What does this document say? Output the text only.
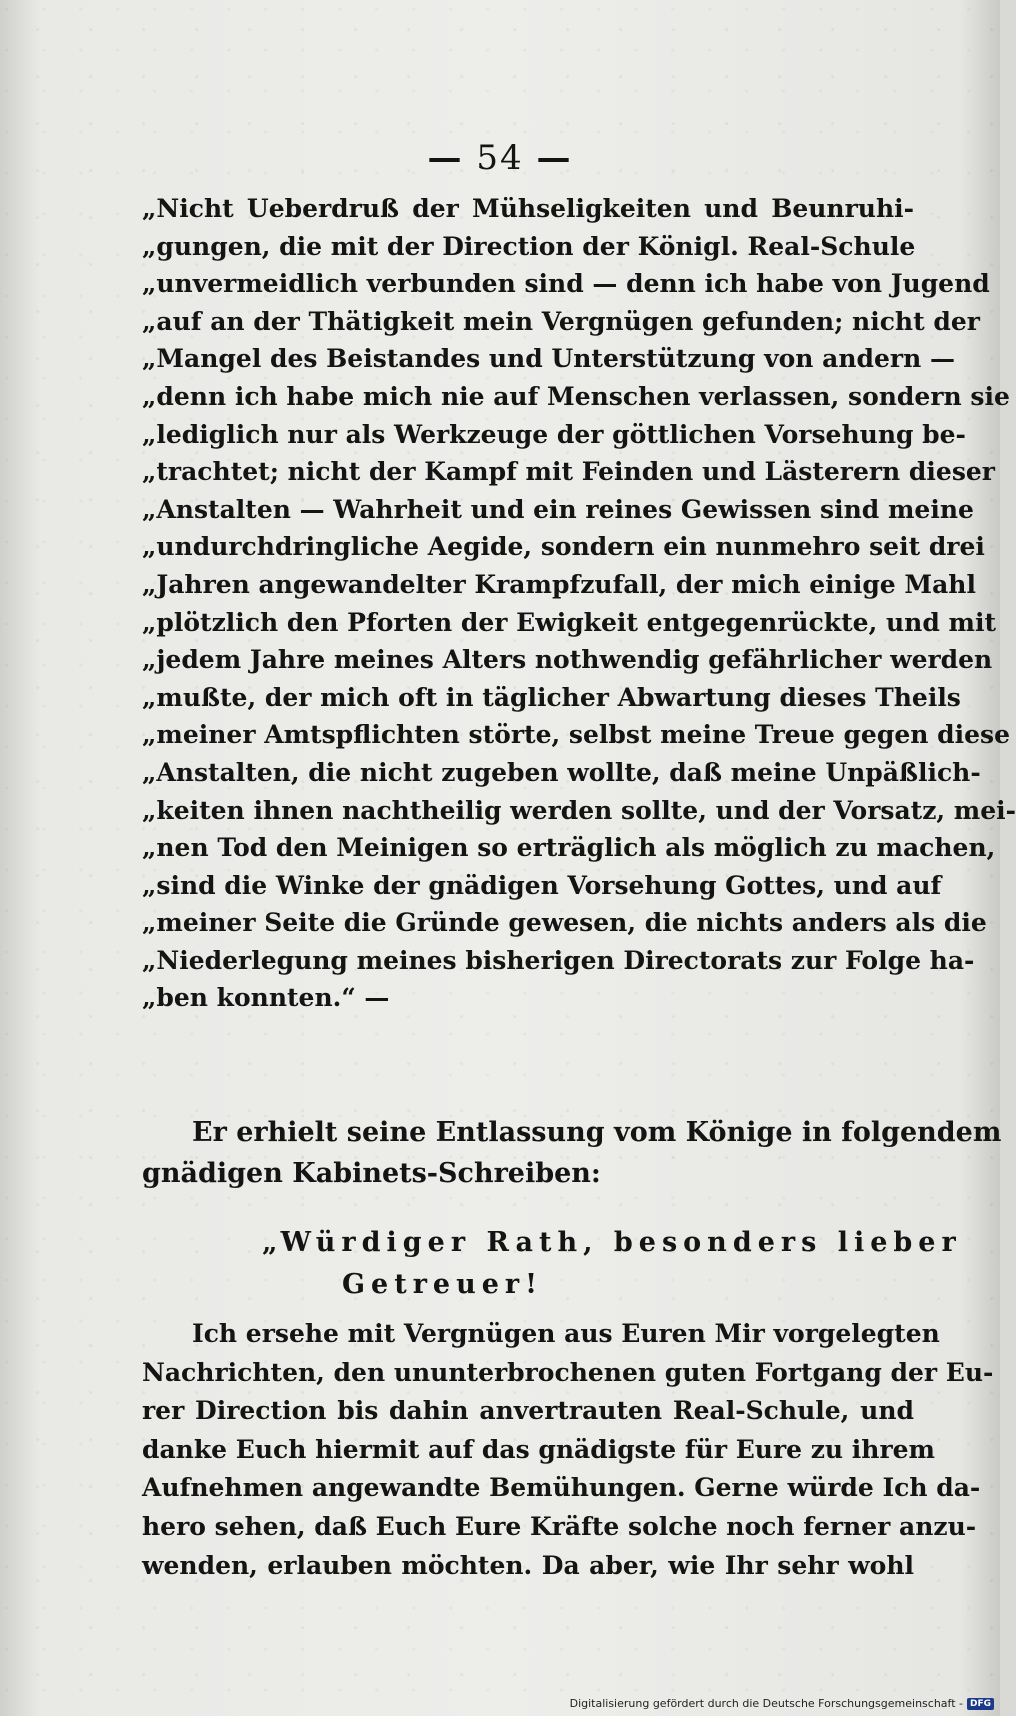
— 54 —
„Nicht Ueberdruß der Mühseligkeiten und Beunruhi-
„gungen, die mit der Direction der Königl. Real-Schule
„unvermeidlich verbunden sind — denn ich habe von Jugend
„auf an der Thätigkeit mein Vergnügen gefunden; nicht der
„Mangel des Beistandes und Unterstützung von andern —
„denn ich habe mich nie auf Menschen verlassen, sondern sie
„lediglich nur als Werkzeuge der göttlichen Vorsehung be-
„trachtet; nicht der Kampf mit Feinden und Lästerern dieser
„Anstalten — Wahrheit und ein reines Gewissen sind meine
„undurchdringliche Aegide, sondern ein nunmehro seit drei
„Jahren angewandelter Krampfzufall, der mich einige Mahl
„plötzlich den Pforten der Ewigkeit entgegenrückte, und mit
„jedem Jahre meines Alters nothwendig gefährlicher werden
„mußte, der mich oft in täglicher Abwartung dieses Theils
„meiner Amtspflichten störte, selbst meine Treue gegen diese
„Anstalten, die nicht zugeben wollte, daß meine Unpäßlich-
„keiten ihnen nachtheilig werden sollte, und der Vorsatz, mei-
„nen Tod den Meinigen so erträglich als möglich zu machen,
„sind die Winke der gnädigen Vorsehung Gottes, und auf
„meiner Seite die Gründe gewesen, die nichts anders als die
„Niederlegung meines bisherigen Directorats zur Folge ha-
„ben konnten.“ —
Er erhielt seine Entlassung vom Könige in folgendem
gnädigen Kabinets-Schreiben:
„Würdiger Rath, besonders lieber
Getreuer!
Ich ersehe mit Vergnügen aus Euren Mir vorgelegten
Nachrichten, den ununterbrochenen guten Fortgang der Eu-
rer Direction bis dahin anvertrauten Real-Schule, und
danke Euch hiermit auf das gnädigste für Eure zu ihrem
Aufnehmen angewandte Bemühungen. Gerne würde Ich da-
hero sehen, daß Euch Eure Kräfte solche noch ferner anzu-
wenden, erlauben möchten. Da aber, wie Ihr sehr wohl
Digitalisierung gefördert durch die Deutsche Forschungsgemeinschaft - DFG
